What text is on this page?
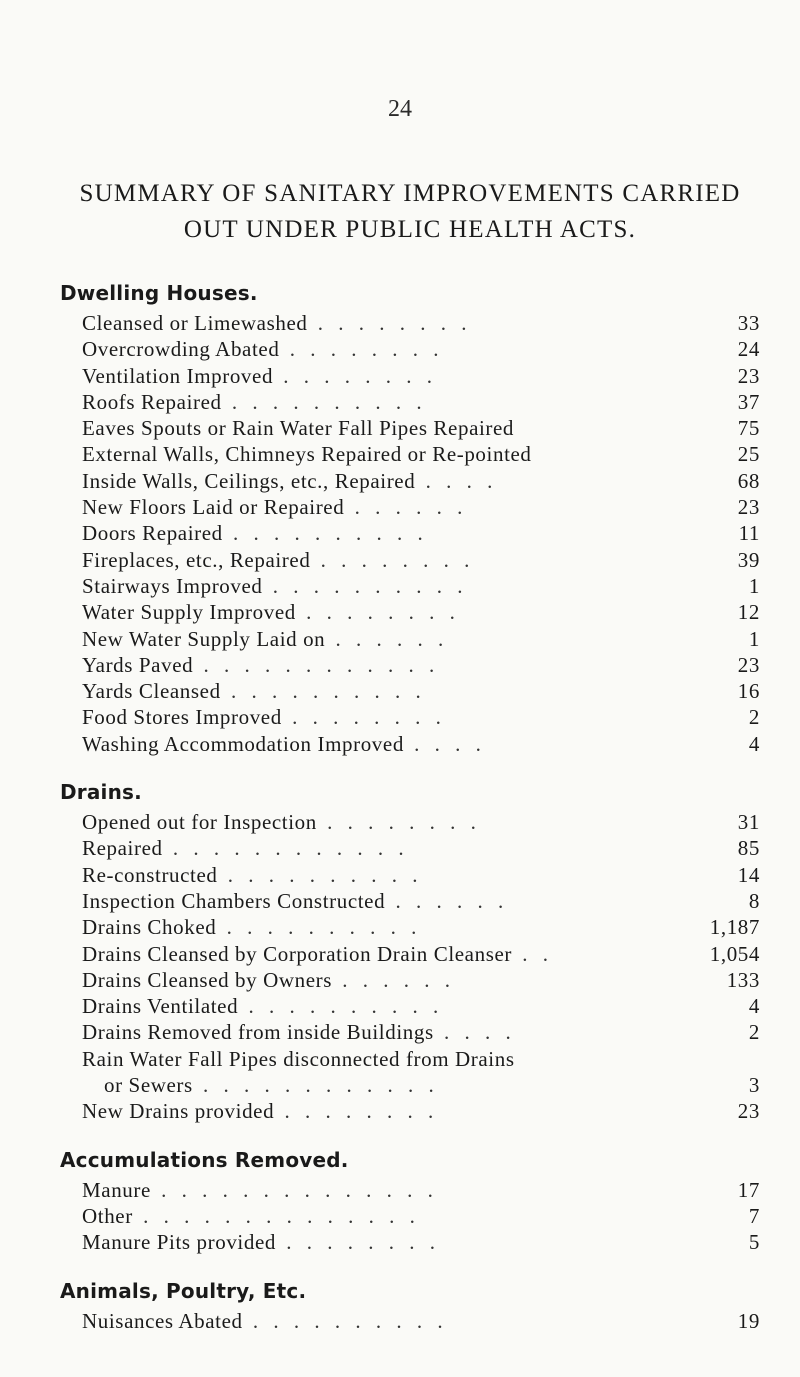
24
SUMMARY OF SANITARY IMPROVEMENTS CARRIED
OUT UNDER PUBLIC HEALTH ACTS.
Dwelling Houses.
Cleansed or Limewashed . . . . . . . .	33
Overcrowding Abated . . . . . . . .	24
Ventilation Improved . . . . . . . .	23
Roofs Repaired . . . . . . . . . .	37
Eaves Spouts or Rain Water Fall Pipes Repaired	75
External Walls, Chimneys Repaired or Re-pointed	25
Inside Walls, Ceilings, etc., Repaired . . . .	68
New Floors Laid or Repaired . . . . . .	23
Doors Repaired . . . . . . . . . .	11
Fireplaces, etc., Repaired . . . . . . . .	39
Stairways Improved . . . . . . . . . .	1
Water Supply Improved . . . . . . . .	12
New Water Supply Laid on . . . . . .	1
Yards Paved . . . . . . . . . . . .	23
Yards Cleansed . . . . . . . . . .	16
Food Stores Improved . . . . . . . .	2
Washing Accommodation Improved . . . .	4
Drains.
Opened out for Inspection . . . . . . . .	31
Repaired . . . . . . . . . . . .	85
Re-constructed . . . . . . . . . .	14
Inspection Chambers Constructed . . . . . .	8
Drains Choked . . . . . . . . . .	1,187
Drains Cleansed by Corporation Drain Cleanser . .	1,054
Drains Cleansed by Owners . . . . . .	133
Drains Ventilated . . . . . . . . . .	4
Drains Removed from inside Buildings . . . .	2
Rain Water Fall Pipes disconnected from Drains
or Sewers . . . . . . . . . . . .	3
New Drains provided . . . . . . . .	23
Accumulations Removed.
Manure . . . . . . . . . . . . . .	17
Other . . . . . . . . . . . . . .	7
Manure Pits provided . . . . . . . .	5
Animals, Poultry, Etc.
Nuisances Abated . . . . . . . . . .	19
